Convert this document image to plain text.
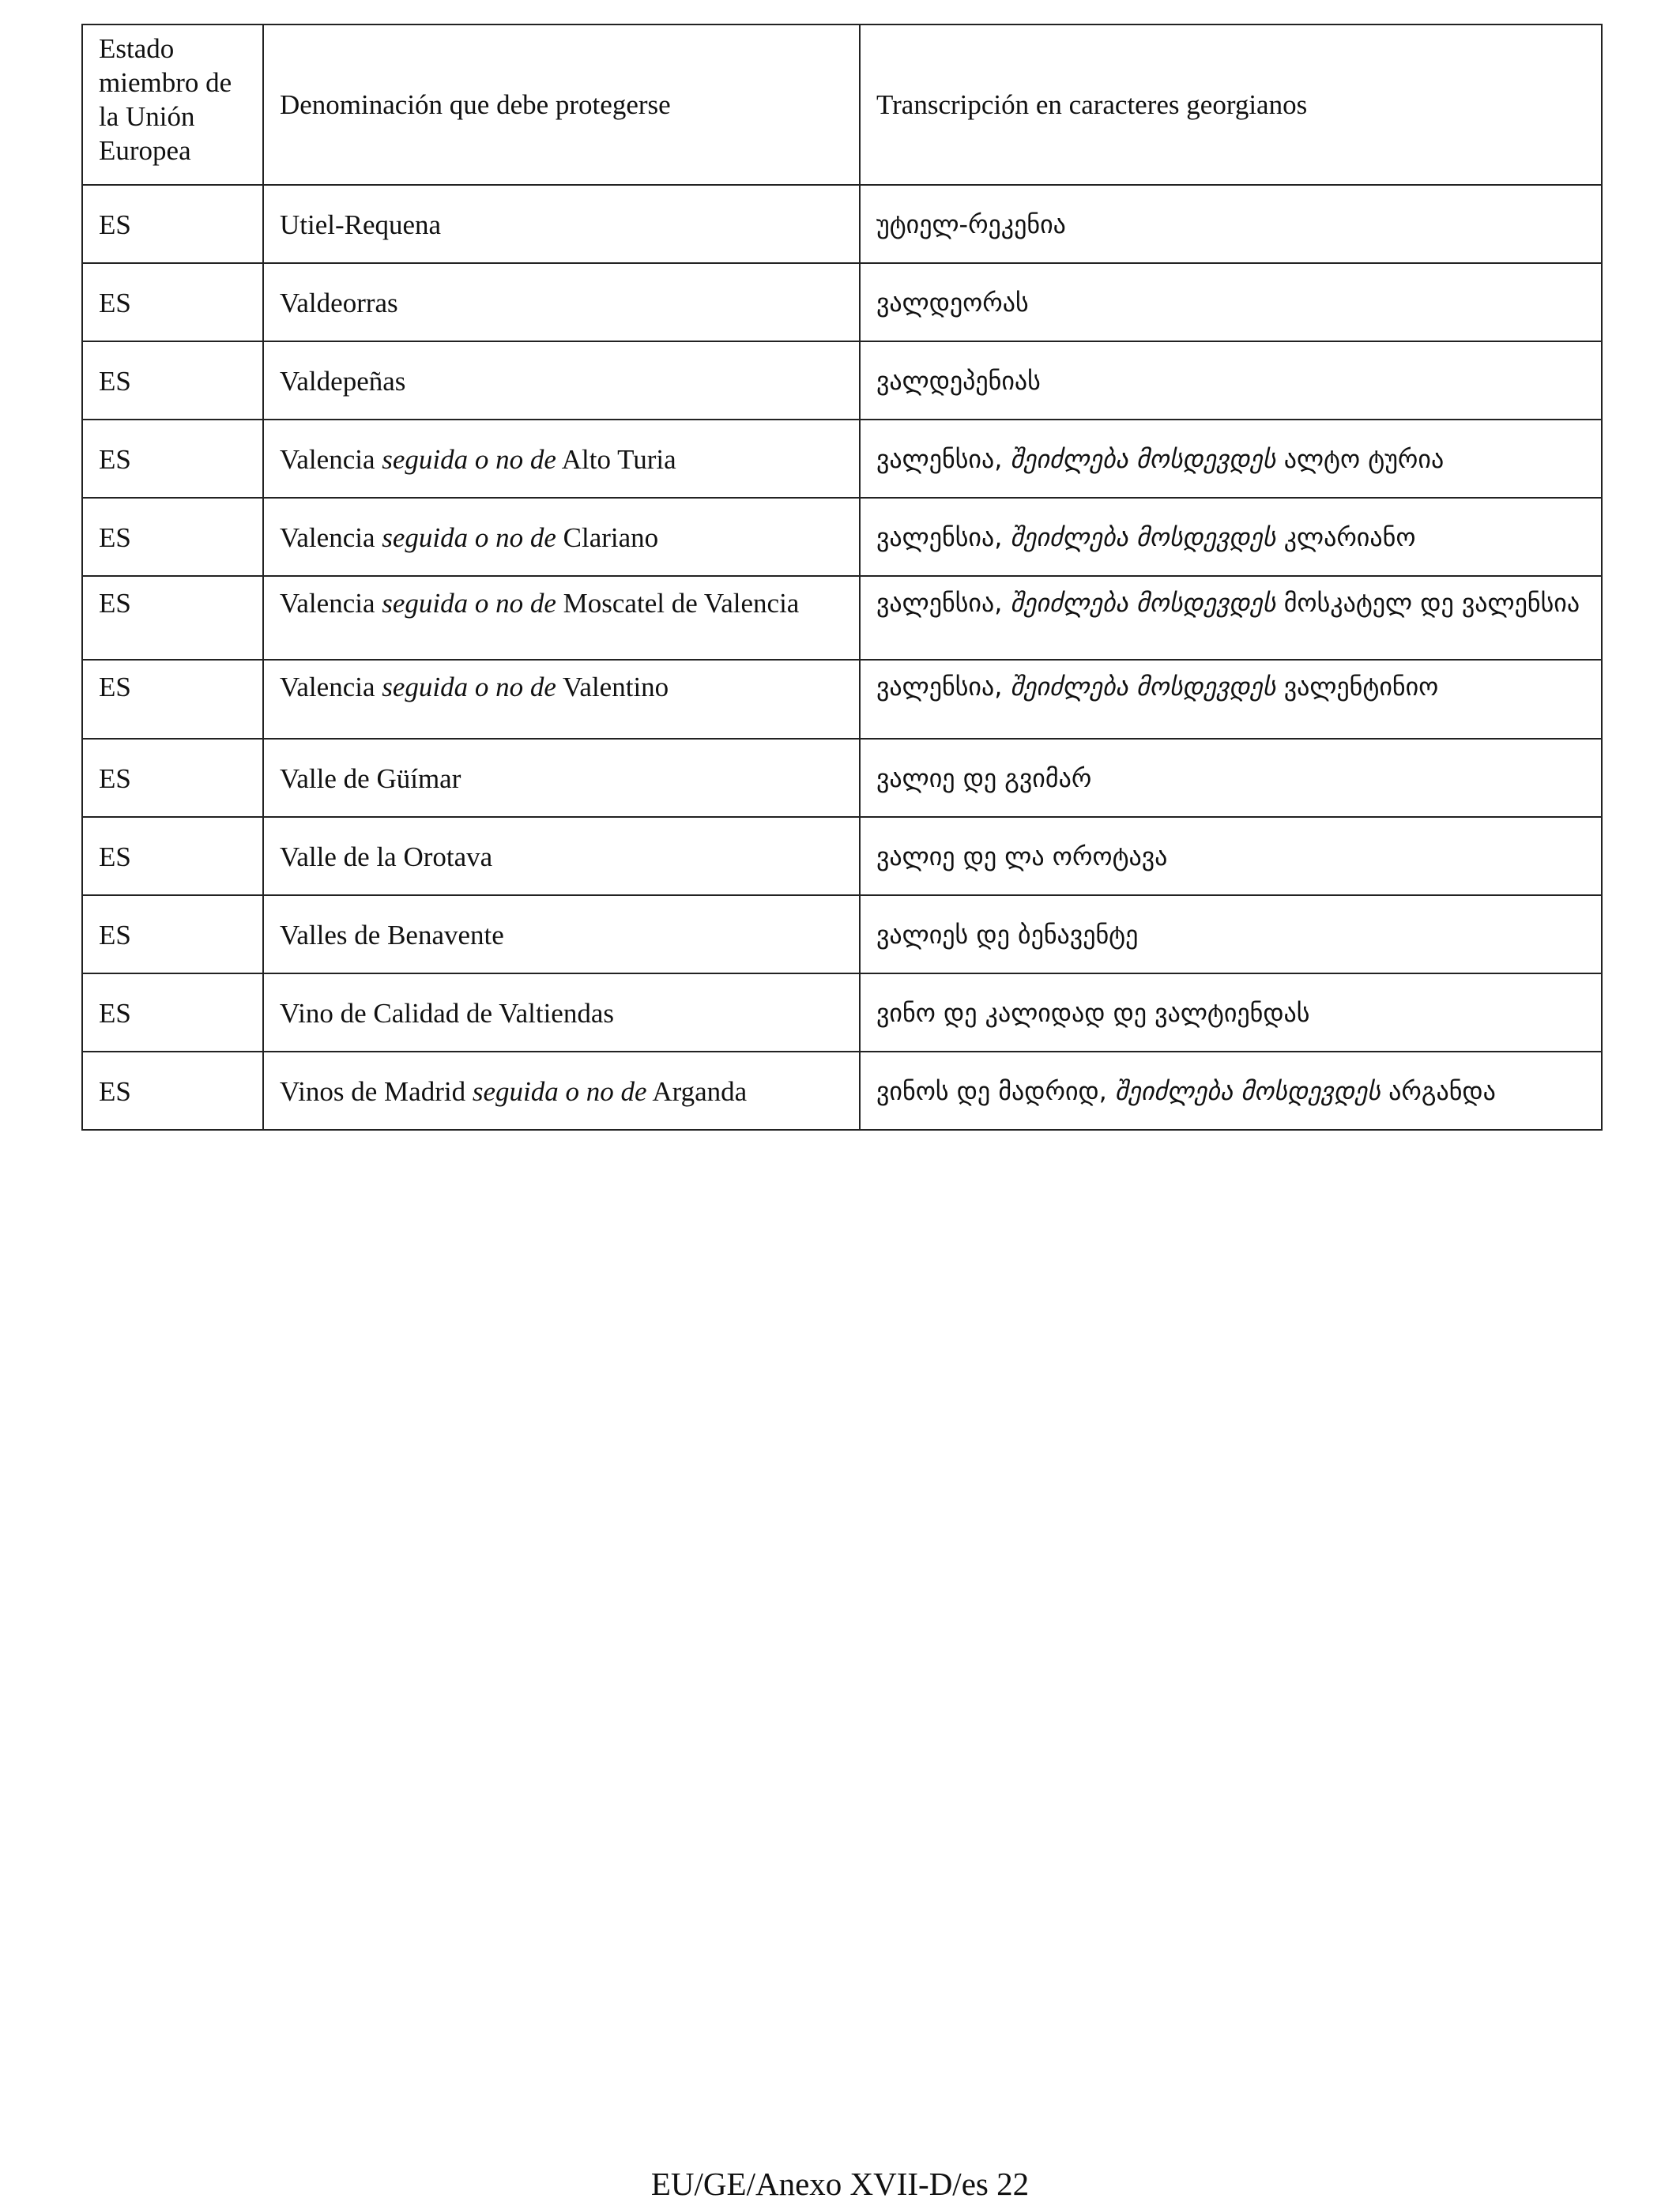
Estado miembro de la Unión Europea	Denominación que debe protegerse	Transcripción en caracteres georgianos
ES	Utiel-Requena	უტიელ-რეკენია
ES	Valdeorras	ვალდეორას
ES	Valdepeñas	ვალდეპენიას
ES	Valencia seguida o no de Alto Turia	ვალენსია, შეიძლება მოსდევდეს ალტო ტურია
ES	Valencia seguida o no de Clariano	ვალენსია, შეიძლება მოსდევდეს კლარიანო
ES	Valencia seguida o no de Moscatel de Valencia	ვალენსია, შეიძლება მოსდევდეს მოსკატელ დე ვალენსია
ES	Valencia seguida o no de Valentino	ვალენსია, შეიძლება მოსდევდეს ვალენტინიო
ES	Valle de Güímar	ვალიე დე გვიმარ
ES	Valle de la Orotava	ვალიე დე ლა ოროტავა
ES	Valles de Benavente	ვალიეს დე ბენავენტე
ES	Vino de Calidad de Valtiendas	ვინო დე კალიდად დე ვალტიენდას
ES	Vinos de Madrid seguida o no de Arganda	ვინოს დე მადრიდ, შეიძლება მოსდევდეს არგანდა
EU/GE/Anexo XVII-D/es 22
